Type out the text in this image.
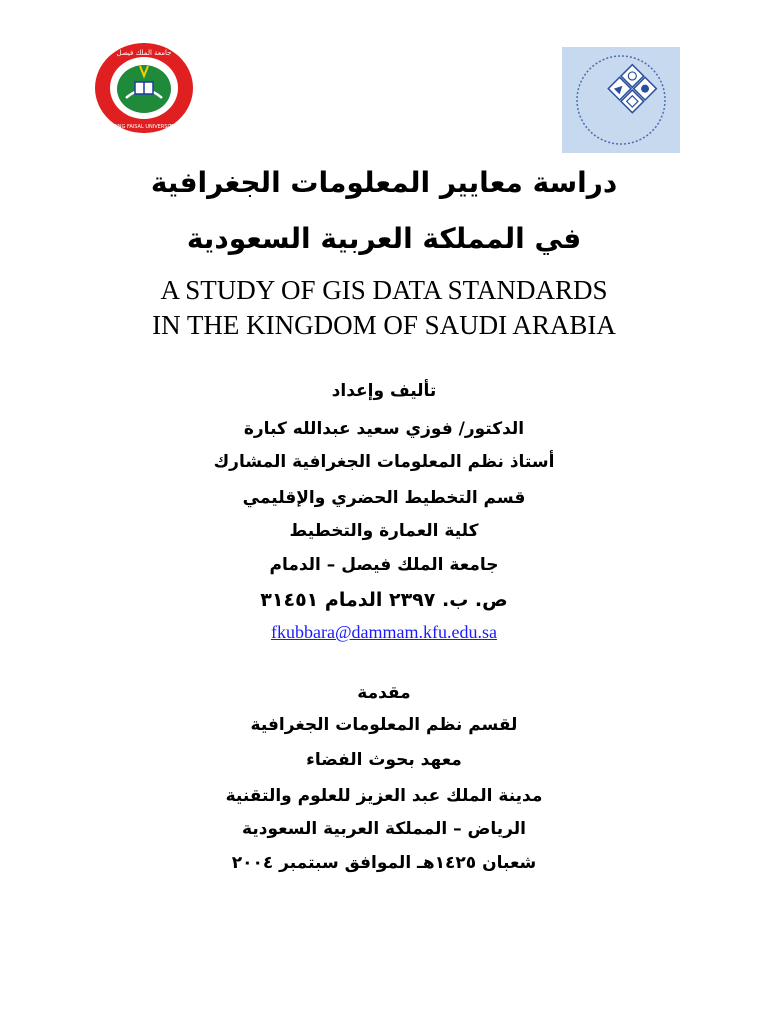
جامعة الملك فيصل
KING FAISAL UNIVERSITY
دراسة معايير المعلومات الجغرافية
في المملكة العربية السعودية
A STUDY OF GIS DATA STANDARDS
IN THE KINGDOM OF SAUDI ARABIA
تأليف وإعداد
الدكتور/ فوزي سعيد عبدالله كبارة
أستاذ نظم المعلومات الجغرافية المشارك
قسم التخطيط الحضري والإقليمي
كلية العمارة والتخطيط
جامعة الملك فيصل – الدمام
ص. ب. ٢٣٩٧ الدمام ٣١٤٥١
fkubbara@dammam.kfu.edu.sa
مقدمة
لقسم نظم المعلومات الجغرافية
معهد بحوث الفضاء
مدينة الملك عبد العزيز للعلوم والتقنية
الرياض – المملكة العربية السعودية
شعبان ١٤٢٥هـ الموافق سبتمبر ٢٠٠٤
